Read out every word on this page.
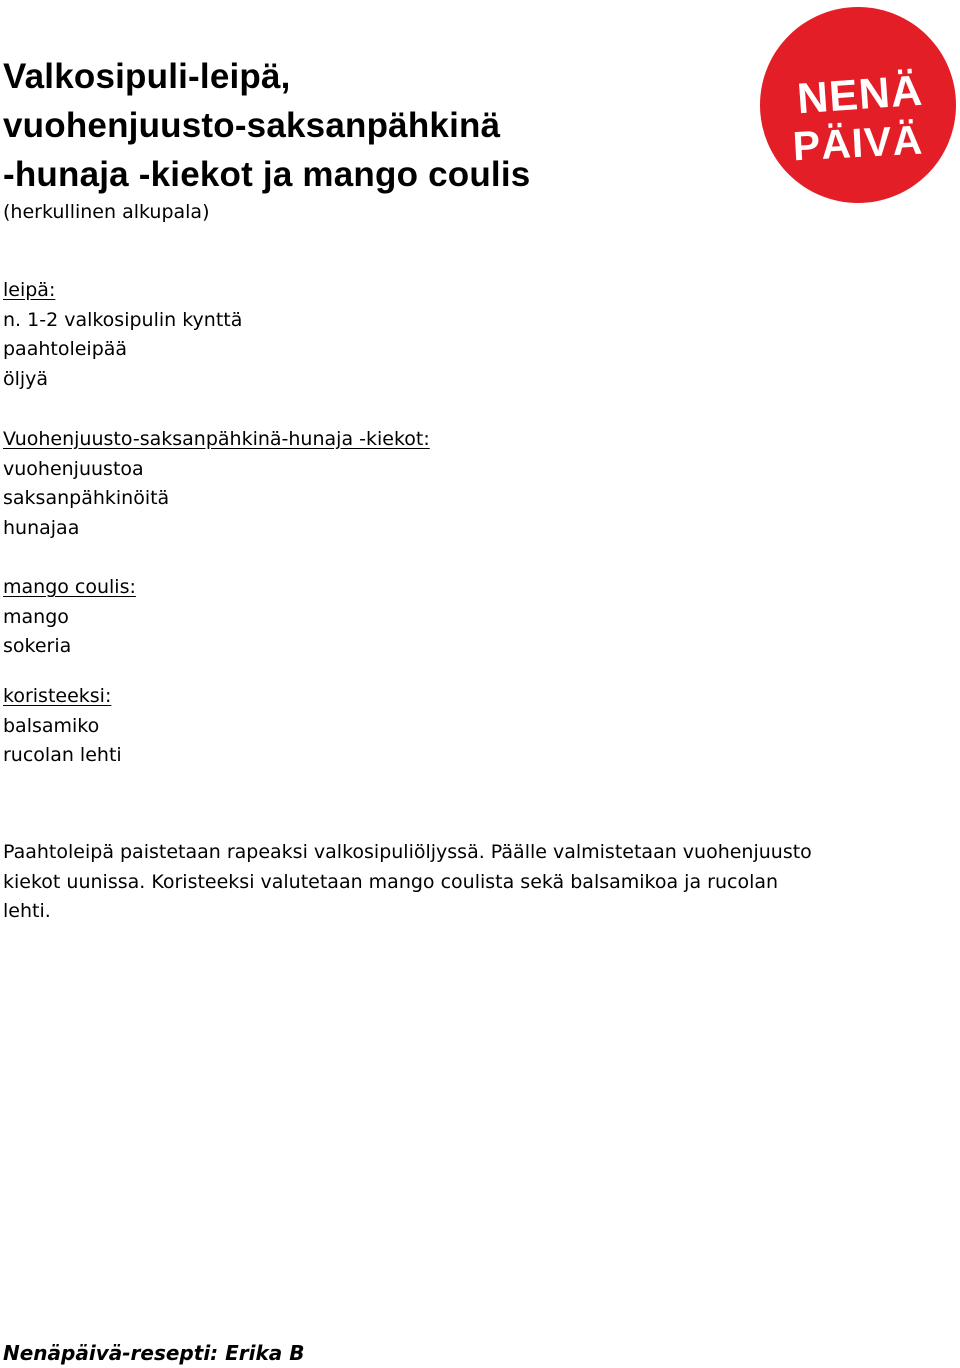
Valkosipuli-leipä,
vuohenjuusto-saksanpähkinä
-hunaja -kiekot ja mango coulis
(herkullinen alkupala)
NENÄ
PÄIVÄ
leipä:
n. 1-2 valkosipulin kynttä
paahtoleipää
öljyä
Vuohenjuusto-saksanpähkinä-hunaja -kiekot:
vuohenjuustoa
saksanpähkinöitä
hunajaa
mango coulis:
mango
sokeria
koristeeksi:
balsamiko
rucolan lehti
Paahtoleipä paistetaan rapeaksi valkosipuliöljyssä. Päälle valmistetaan vuohenjuusto
kiekot uunissa. Koristeeksi valutetaan mango coulista sekä balsamikoa ja rucolan
lehti.
Nenäpäivä-resepti: Erika B
